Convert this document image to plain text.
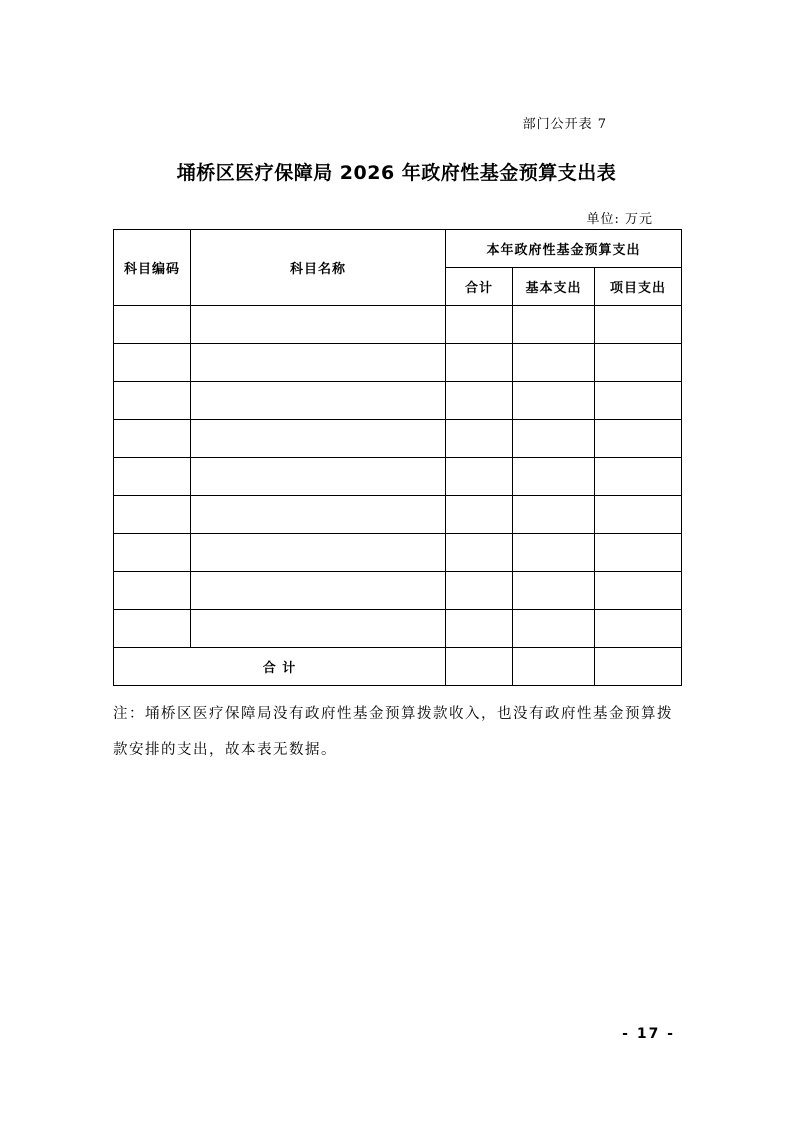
部门公开表 7
埇桥区医疗保障局 2026 年政府性基金预算支出表
单位: 万元
科目编码	科目名称	本年政府性基金预算支出		
		合计	基本支出	项目支出

合 计				
注：埇桥区医疗保障局没有政府性基金预算拨款收入，也没有政府性基金预算拨款安排的支出，故本表无数据。
- 17 -
